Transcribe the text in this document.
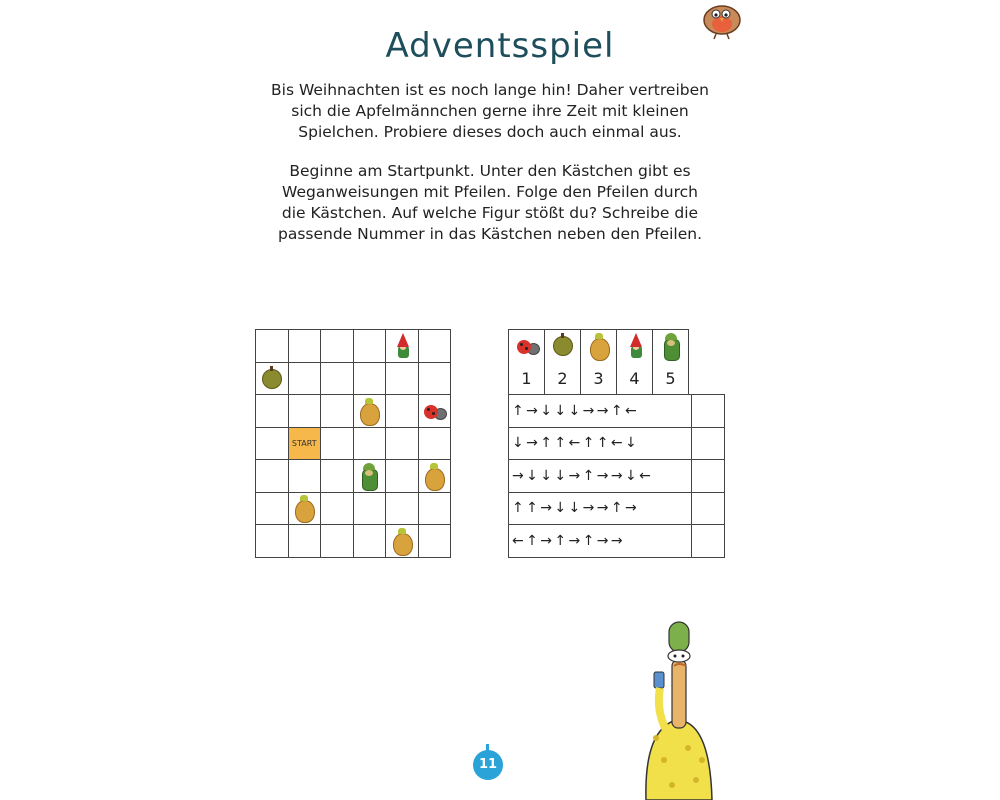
Adventsspiel

Bis Weihnachten ist es noch lange hin! Daher vertreiben
sich die Apfelmännchen gerne ihre Zeit mit kleinen
Spielchen. Probiere dieses doch auch einmal aus.

Beginne am Startpunkt. Unter den Kästchen gibt es
Weganweisungen mit Pfeilen. Folge den Pfeilen durch
die Kästchen. Auf welche Figur stößt du? Schreibe die
passende Nummer in das Kästchen neben den Pfeilen.

	START				

1	2	3	4	5
↑→↓↓↓→→↑←	
↓→↑↑←↑↑←↓	
→↓↓↓→↑→→↓←	
↑↑→↓↓→→↑→	
←↑→↑→↑→→	
11
